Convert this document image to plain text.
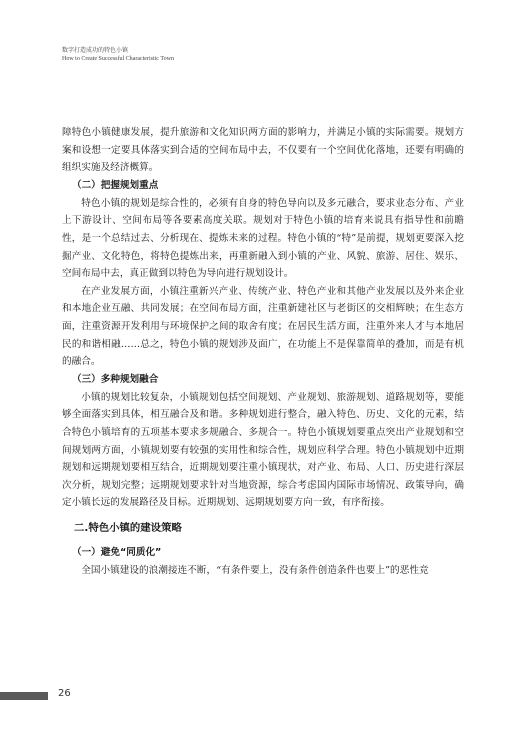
数字打造成功的特色小镇
How to Create Successful Characteristic Town

障特色小镇健康发展，提升旅游和文化知识两方面的影响力，并满足小镇的实际需要。规划方案和设想一定要具体落实到合适的空间布局中去，不仅要有一个空间优化落地，还要有明确的组织实施及经济概算。

（二）把握规划重点

特色小镇的规划是综合性的，必须有自身的特色导向以及多元融合，要求业态分布、产业上下游设计、空间布局等各要素高度关联。规划对于特色小镇的培育来说具有指导性和前瞻性，是一个总结过去、分析现在、提炼未来的过程。特色小镇的“特”是前提，规划更要深入挖掘产业、文化特色，将特色提炼出来，再重新融入到小镇的产业、风貌、旅游、居住、娱乐、空间布局中去，真正做到以特色为导向进行规划设计。

在产业发展方面，小镇注重新兴产业、传统产业、特色产业和其他产业发展以及外来企业和本地企业互融、共同发展；在空间布局方面，注重新建社区与老街区的交相辉映；在生态方面，注重资源开发利用与环境保护之间的取舍有度；在居民生活方面，注重外来人才与本地居民的和谐相融……总之，特色小镇的规划涉及面广，在功能上不是保靠简单的叠加，而是有机的融合。

（三）多种规划融合

小镇的规划比较复杂，小镇规划包括空间规划、产业规划、旅游规划、道路规划等，要能够全面落实到具体，相互融合及和谐。多种规划进行整合，融入特色、历史、文化的元素，结合特色小镇培育的五项基本要求多规融合、多规合一。特色小镇规划要重点突出产业规划和空间规划两方面，小镇规划要有较强的实用性和综合性，规划应科学合理。特色小镇规划中近期规划和远期规划要相互结合，近期规划要注重小镇现状，对产业、布局、人口、历史进行深层次分析，规划完整；远期规划要求针对当地资源，综合考虑国内国际市场情况、政策导向，确定小镇长远的发展路径及目标。近期规划、远期规划要方向一致，有序衔接。

二.特色小镇的建设策略
（一）避免“同质化”

全国小镇建设的浪潮接连不断，“有条件要上，没有条件创造条件也要上”的恶性竞

26
